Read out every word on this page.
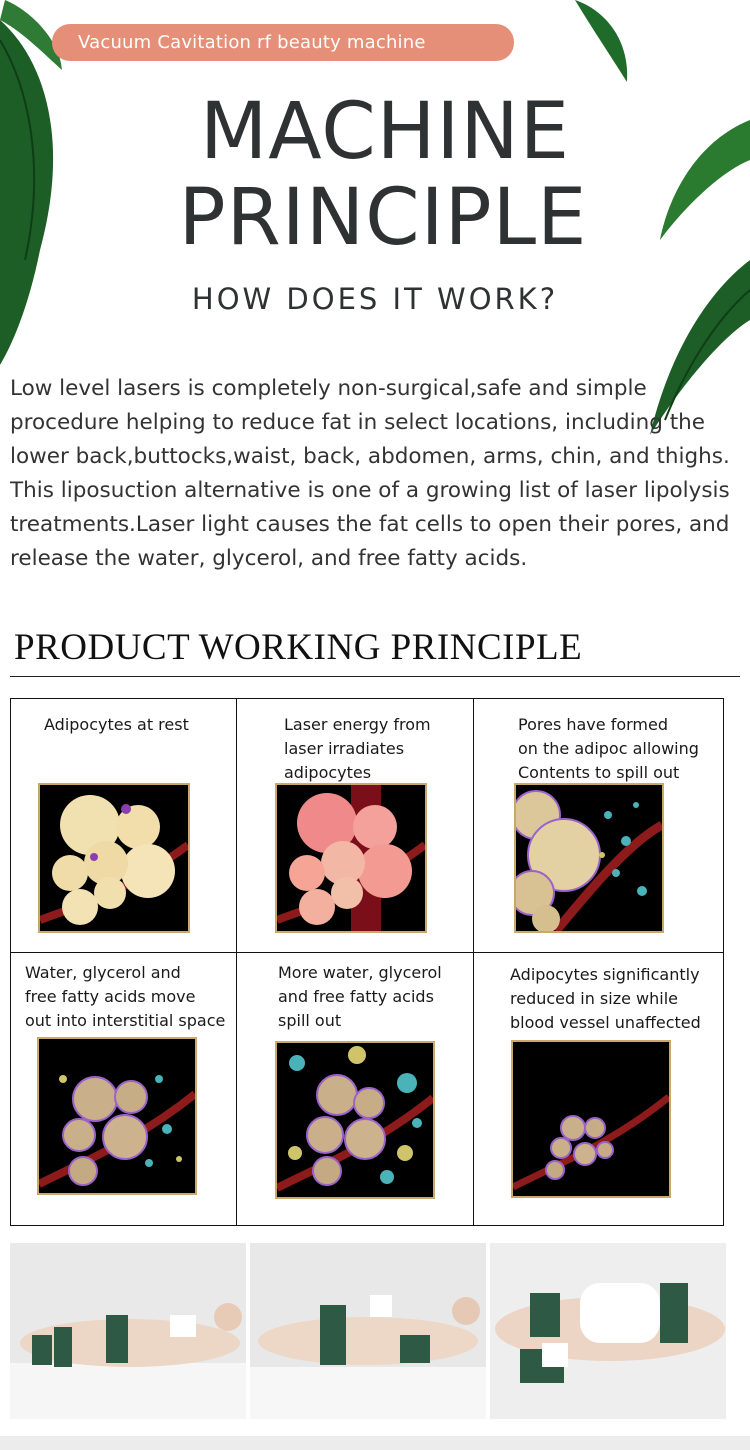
Vacuum Cavitation rf beauty machine
MACHINE
PRINCIPLE
HOW DOES IT WORK?
Low level lasers is completely non-surgical,safe and simple procedure helping to reduce fat in select locations, including the lower back,buttocks,waist, back, abdomen, arms, chin, and thighs. This liposuction alternative is one of a growing list of laser lipolysis treatments.Laser light causes the fat cells to open their pores, and release the water, glycerol, and free fatty acids.
PRODUCT WORKING PRINCIPLE
Adipocytes at rest	Laser energy from
laser irradiates
adipocytes
Pores have formed
on the adipoc allowing
Contents to spill out
Water, glycerol and
free fatty acids move
out into interstitial space
More water, glycerol
and free fatty acids
spill out
Adipocytes significantly
reduced in size while
blood vessel unaffected
